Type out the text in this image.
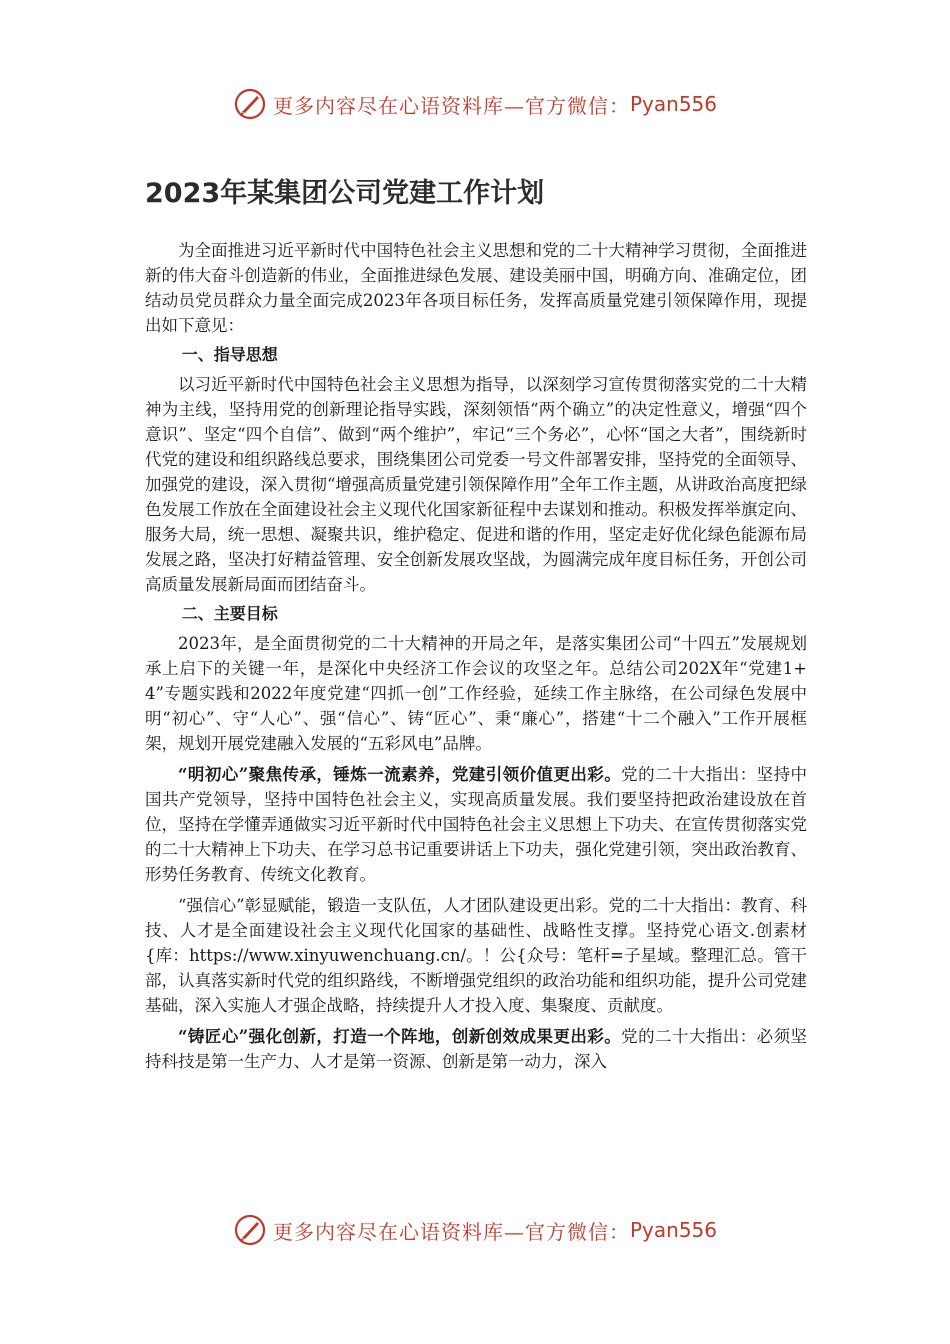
更多内容尽在心语资料库—官方微信： Pyan556
2023年某集团公司党建工作计划

为全面推进习近平新时代中国特色社会主义思想和党的二十大精神学习贯彻，全面推进新的伟大奋斗创造新的伟业，全面推进绿色发展、建设美丽中国，明确方向、准确定位，团结动员党员群众力量全面完成2023年各项目标任务，发挥高质量党建引领保障作用，现提出如下意见：

一、指导思想

以习近平新时代中国特色社会主义思想为指导，以深刻学习宣传贯彻落实党的二十大精神为主线，坚持用党的创新理论指导实践，深刻领悟“两个确立”的决定性意义，增强“四个意识”、坚定“四个自信”、做到“两个维护”，牢记“三个务必”，心怀“国之大者”，围绕新时代党的建设和组织路线总要求，围绕集团公司党委一号文件部署安排，坚持党的全面领导、加强党的建设，深入贯彻“增强高质量党建引领保障作用”全年工作主题，从讲政治高度把绿色发展工作放在全面建设社会主义现代化国家新征程中去谋划和推动。积极发挥举旗定向、服务大局，统一思想、凝聚共识，维护稳定、促进和谐的作用，坚定走好优化绿色能源布局发展之路，坚决打好精益管理、安全创新发展攻坚战，为圆满完成年度目标任务，开创公司高质量发展新局面而团结奋斗。

二、主要目标

2023年，是全面贯彻党的二十大精神的开局之年，是落实集团公司“十四五”发展规划承上启下的关键一年，是深化中央经济工作会议的攻坚之年。总结公司202X年“党建1+4”专题实践和2022年度党建“四抓一创”工作经验，延续工作主脉络，在公司绿色发展中明“初心”、守“人心”、强“信心”、铸“匠心”、秉“廉心”，搭建“十二个融入”工作开展框架，规划开展党建融入发展的“五彩风电”品牌。

“明初心”聚焦传承，锤炼一流素养，党建引领价值更出彩。党的二十大指出：坚持中国共产党领导，坚持中国特色社会主义，实现高质量发展。我们要坚持把政治建设放在首位，坚持在学懂弄通做实习近平新时代中国特色社会主义思想上下功夫、在宣传贯彻落实党的二十大精神上下功夫、在学习总书记重要讲话上下功夫，强化党建引领，突出政治教育、形势任务教育、传统文化教育。

“强信心”彰显赋能，锻造一支队伍，人才团队建设更出彩。党的二十大指出：教育、科技、人才是全面建设社会主义现代化国家的基础性、战略性支撑。坚持党心语文.创素材{库：https://www.xinyuwenchuang.cn/。！公{众号：笔杆=子星域。整理汇总。管干部，认真落实新时代党的组织路线，不断增强党组织的政治功能和组织功能，提升公司党建基础，深入实施人才强企战略，持续提升人才投入度、集聚度、贡献度。

“铸匠心”强化创新，打造一个阵地，创新创效成果更出彩。党的二十大指出：必须坚持科技是第一生产力、人才是第一资源、创新是第一动力，深入

更多内容尽在心语资料库—官方微信： Pyan556
